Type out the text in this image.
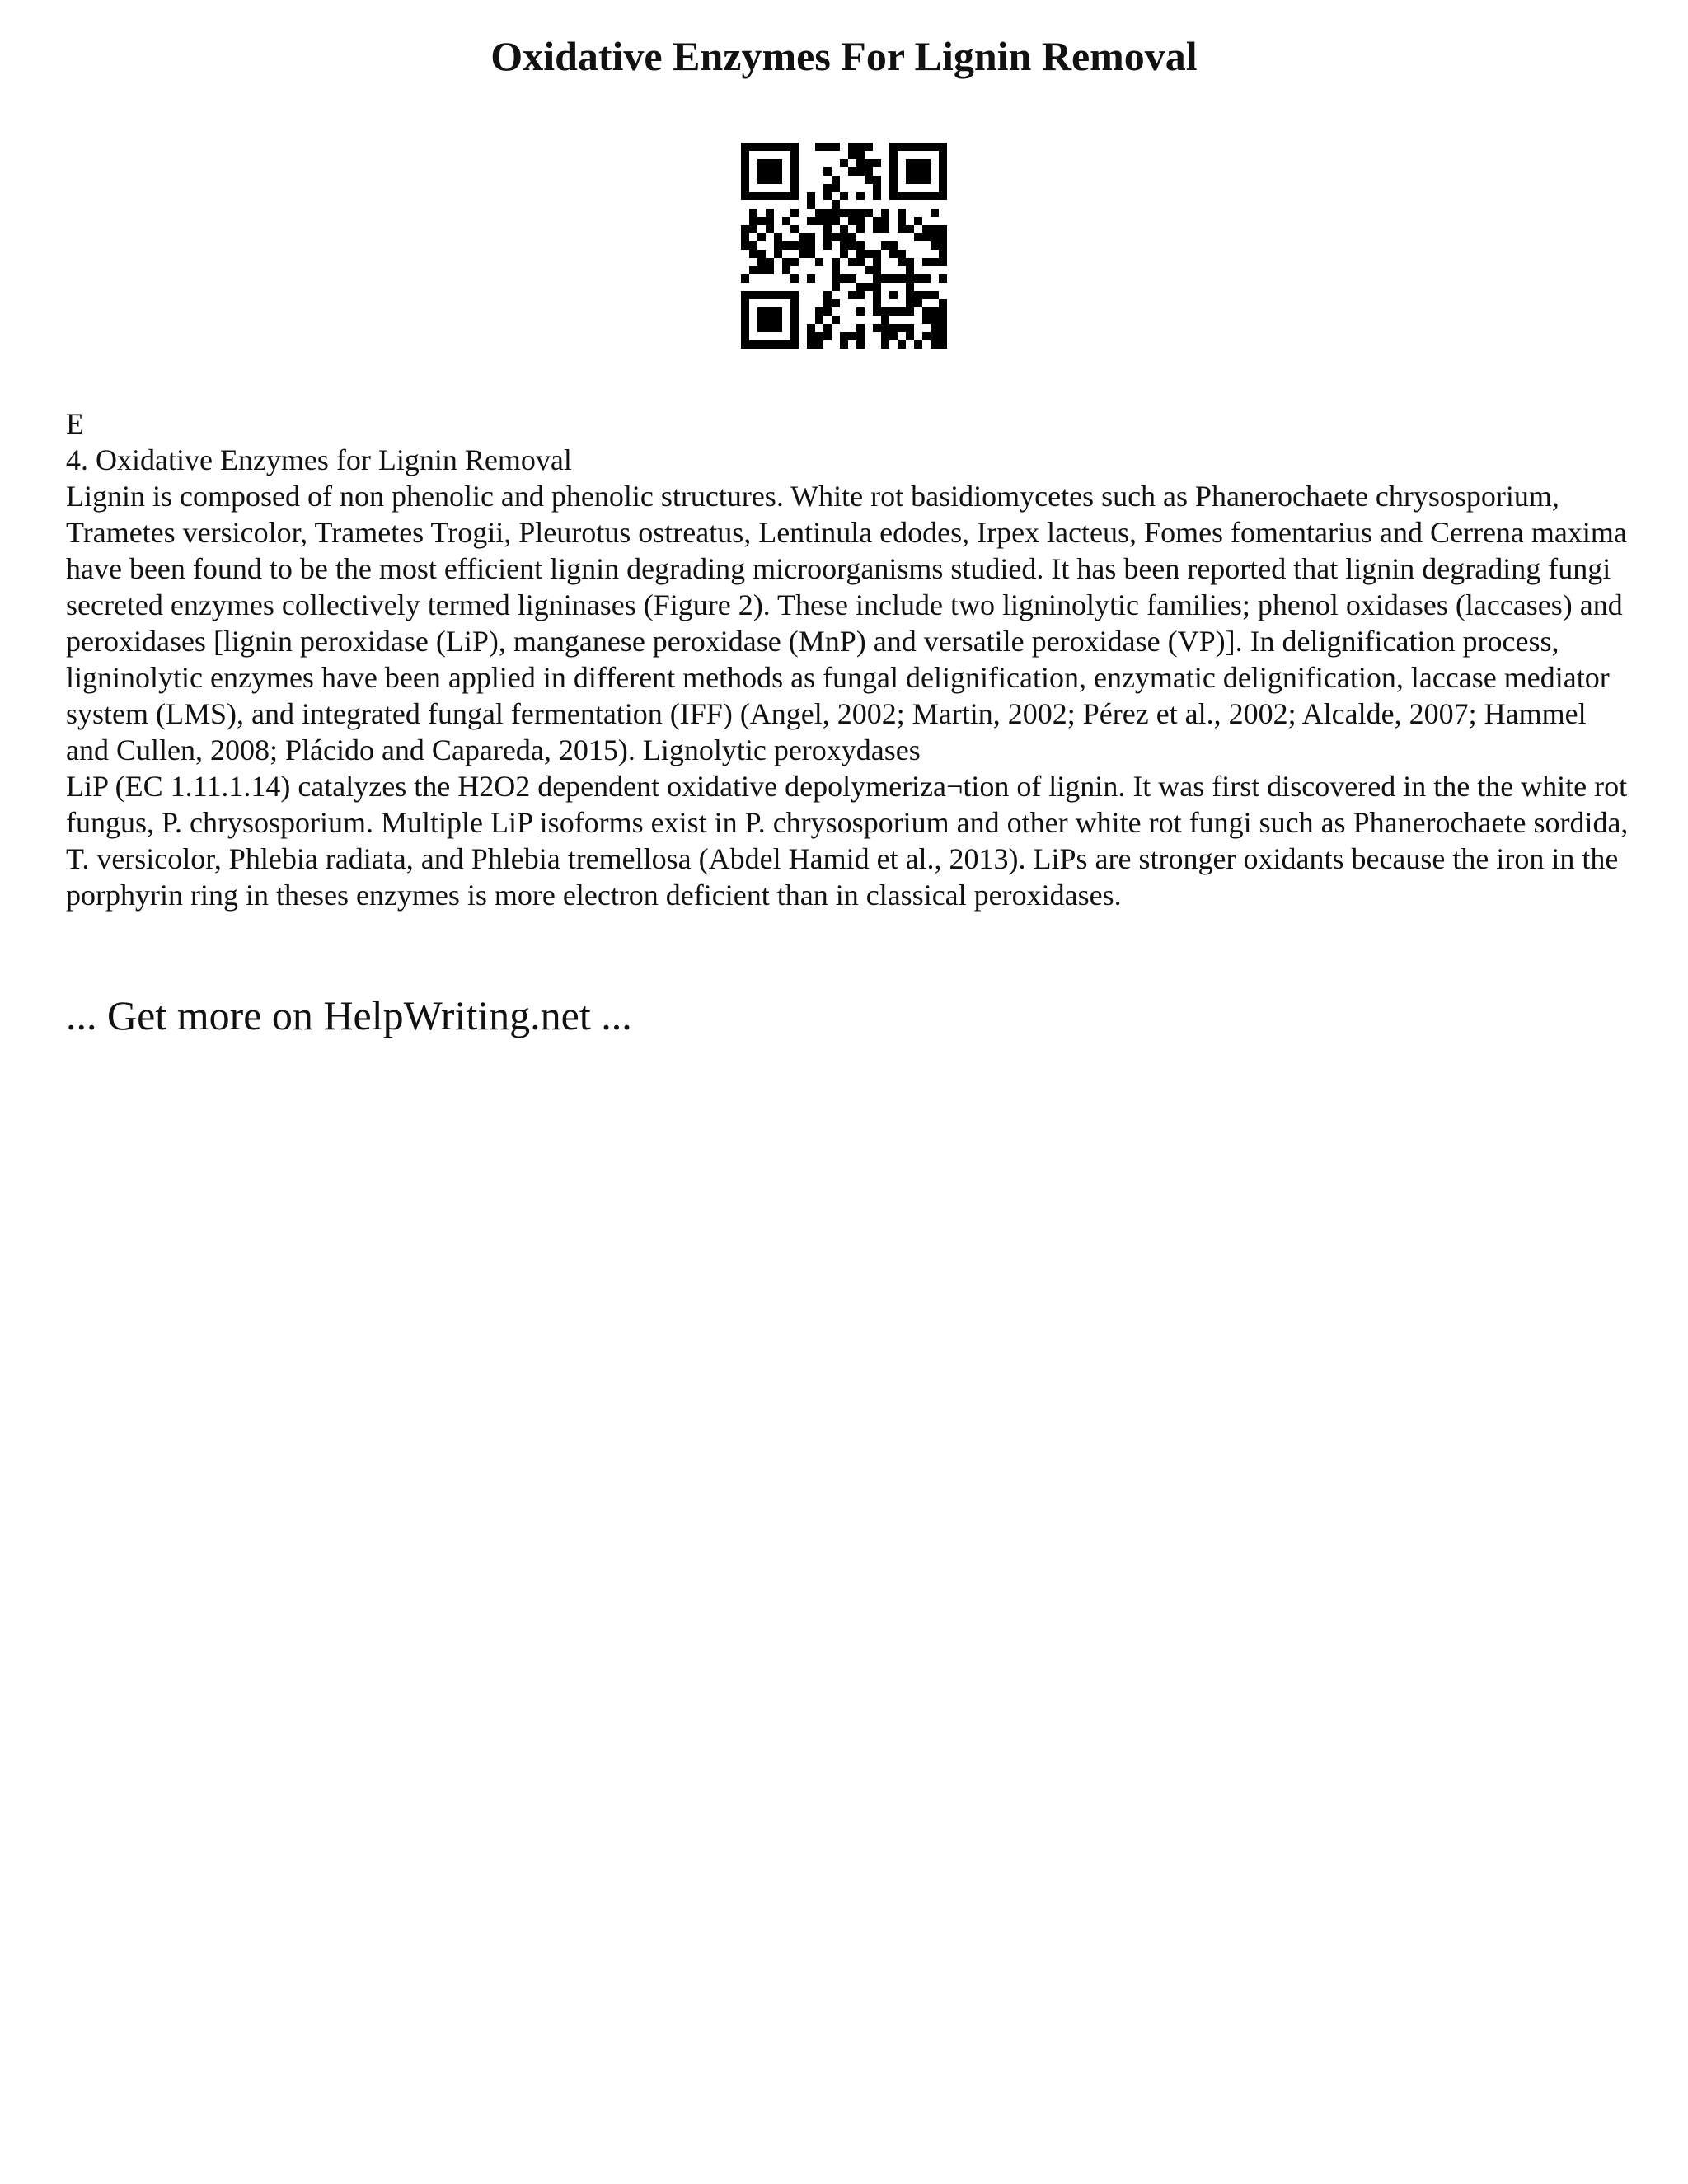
Oxidative Enzymes For Lignin Removal

E

4. Oxidative Enzymes for Lignin Removal

Lignin is composed of non phenolic and phenolic structures. White rot basidiomycetes such as Phanerochaete chrysosporium, Trametes versicolor, Trametes Trogii, Pleurotus ostreatus, Lentinula edodes, Irpex lacteus, Fomes fomentarius and Cerrena maxima have been found to be the most efficient lignin degrading microorganisms studied. It has been reported that lignin degrading fungi secreted enzymes collectively termed ligninases (Figure 2). These include two ligninolytic families; phenol oxidases (laccases) and peroxidases [lignin peroxidase (LiP), manganese peroxidase (MnP) and versatile peroxidase (VP)]. In delignification process, ligninolytic enzymes have been applied in different methods as fungal delignification, enzymatic delignification, laccase mediator system (LMS), and integrated fungal fermentation (IFF) (Angel, 2002; Martin, 2002; Pérez et al., 2002; Alcalde, 2007; Hammel and Cullen, 2008; Plácido and Capareda, 2015). Lignolytic peroxydases

LiP (EC 1.11.1.14) catalyzes the H2O2 dependent oxidative depolymeriza¬tion of lignin. It was first discovered in the the white rot fungus, P. chrysosporium. Multiple LiP isoforms exist in P. chrysosporium and other white rot fungi such as Phanerochaete sordida, T. versicolor, Phlebia radiata, and Phlebia tremellosa (Abdel Hamid et al., 2013). LiPs are stronger oxidants because the iron in the porphyrin ring in theses enzymes is more electron deficient than in classical peroxidases.

... Get more on HelpWriting.net ...
